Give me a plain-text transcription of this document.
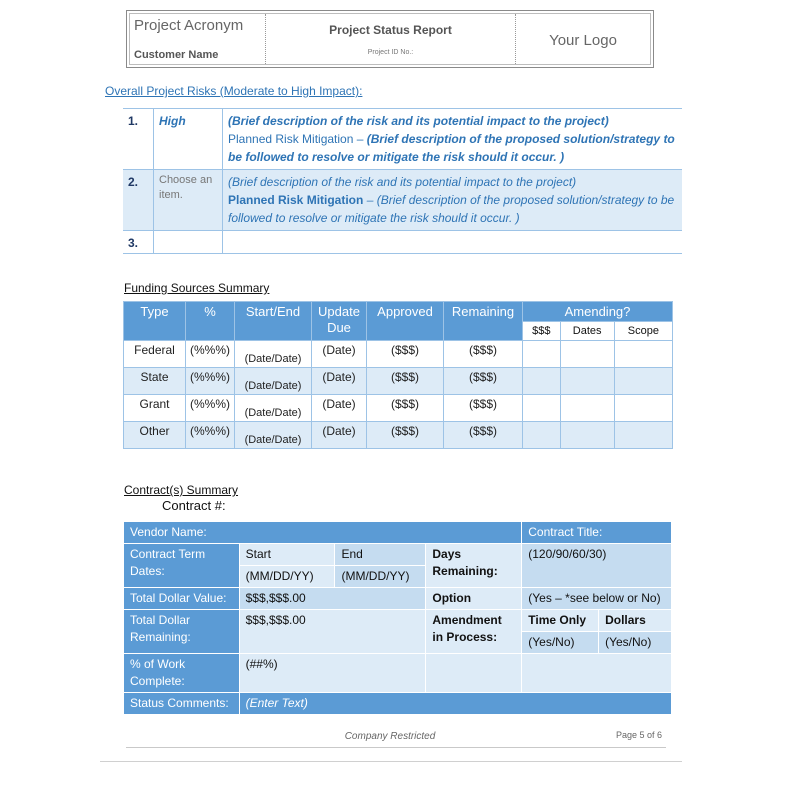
Project Acronym
Customer Name
Project Status Report
Project ID No.:
Your Logo
Overall Project Risks (Moderate to High Impact):
1.	High	(Brief description of the risk and its potential impact to the project)
Planned Risk Mitigation – (Brief description of the proposed solution/strategy to be followed to resolve or mitigate the risk should it occur. )

2.	Choose an item.	(Brief description of the risk and its potential impact to the project)
Planned Risk Mitigation – (Brief description of the proposed solution/strategy to be followed to resolve or mitigate the risk should it occur. )

3.		
Funding Sources Summary
Type	%	Start/End	Update Due	Approved	Remaining	Amending?		
						$$$	Dates	Scope
Federal	(%%%)	(Date/Date)	(Date)	($$$)	($$$)			
State	(%%%)	(Date/Date)	(Date)	($$$)	($$$)			
Grant	(%%%)	(Date/Date)	(Date)	($$$)	($$$)			
Other	(%%%)	(Date/Date)	(Date)	($$$)	($$$)			
Contract(s) Summary
Contract #:
Vendor Name:				Contract Title:	
Contract Term Dates:	Start	End	Days Remaining:	(120/90/60/30)	
	(MM/DD/YY)	(MM/DD/YY)			
Total Dollar Value:	$$$,$$$.00		Option	(Yes – *see below or No)	
Total Dollar Remaining:	$$$,$$$.00		Amendment in Process:	Time Only	Dollars
				(Yes/No)	(Yes/No)
% of Work Complete:	(##%)				
Status Comments:	(Enter Text)				
Company Restricted	Page 5 of 6
